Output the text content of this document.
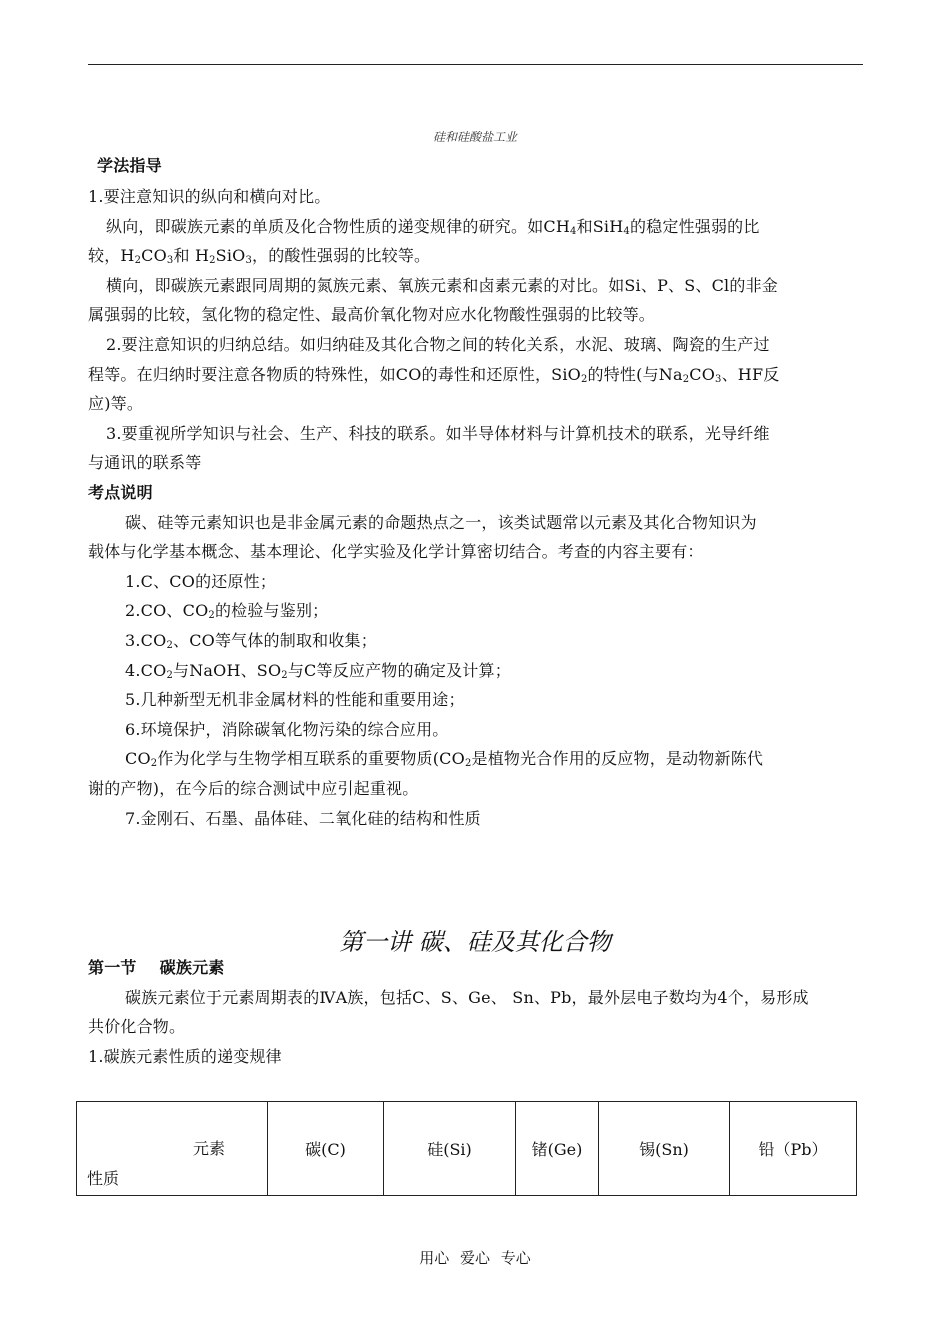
硅和硅酸盐工业
学法指导
1.要注意知识的纵向和横向对比。
纵向，即碳族元素的单质及化合物性质的递变规律的研究。如$CH_4$和SiH$_4$的稳定性强弱的比
较，$H_2CO_3$和 $H_2SiO_3$，的酸性强弱的比较等。
横向，即碳族元素跟同周期的氮族元素、氧族元素和卤素元素的对比。如Si、P、S、Cl的非金
属强弱的比较，氢化物的稳定性、最高价氧化物对应水化物酸性强弱的比较等。
2.要注意知识的归纳总结。如归纳硅及其化合物之间的转化关系，水泥、玻璃、陶瓷的生产过
程等。在归纳时要注意各物质的特殊性，如CO的毒性和还原性，SiO$_2$的特性(与$Na_2CO_3$、HF反
应)等。
3.要重视所学知识与社会、生产、科技的联系。如半导体材料与计算机技术的联系，光导纤维
与通讯的联系等
考点说明
碳、硅等元素知识也是非金属元素的命题热点之一，该类试题常以元素及其化合物知识为
载体与化学基本概念、基本理论、化学实验及化学计算密切结合。考查的内容主要有：
1.C、CO的还原性；
2.CO、$CO_2$的检验与鉴别；
$3.CO_2$、CO等气体的制取和收集；
$4.CO_2$与NaOH、$SO_2$与C等反应产物的确定及计算；
5.几种新型无机非金属材料的性能和重要用途；
6.环境保护，消除碳氧化物污染的综合应用。
$CO_2$作为化学与生物学相互联系的重要物质($CO_2$是植物光合作用的反应物，是动物新陈代
谢的产物)，在今后的综合测试中应引起重视。
7.金刚石、石墨、晶体硅、二氧化硅的结构和性质
第一讲 碳、硅及其化合物
第一节    碳族元素
碳族元素位于元素周期表的ⅣA族，包括C、S、Ge、 Sn、Pb，最外层电子数均为4个，易形成
共价化合物。
1.碳族元素性质的递变规律
元素
性质
	碳(C)	硅(Si)	锗(Ge)	锡(Sn)	铅（Pb）
用心 爱心 专心
